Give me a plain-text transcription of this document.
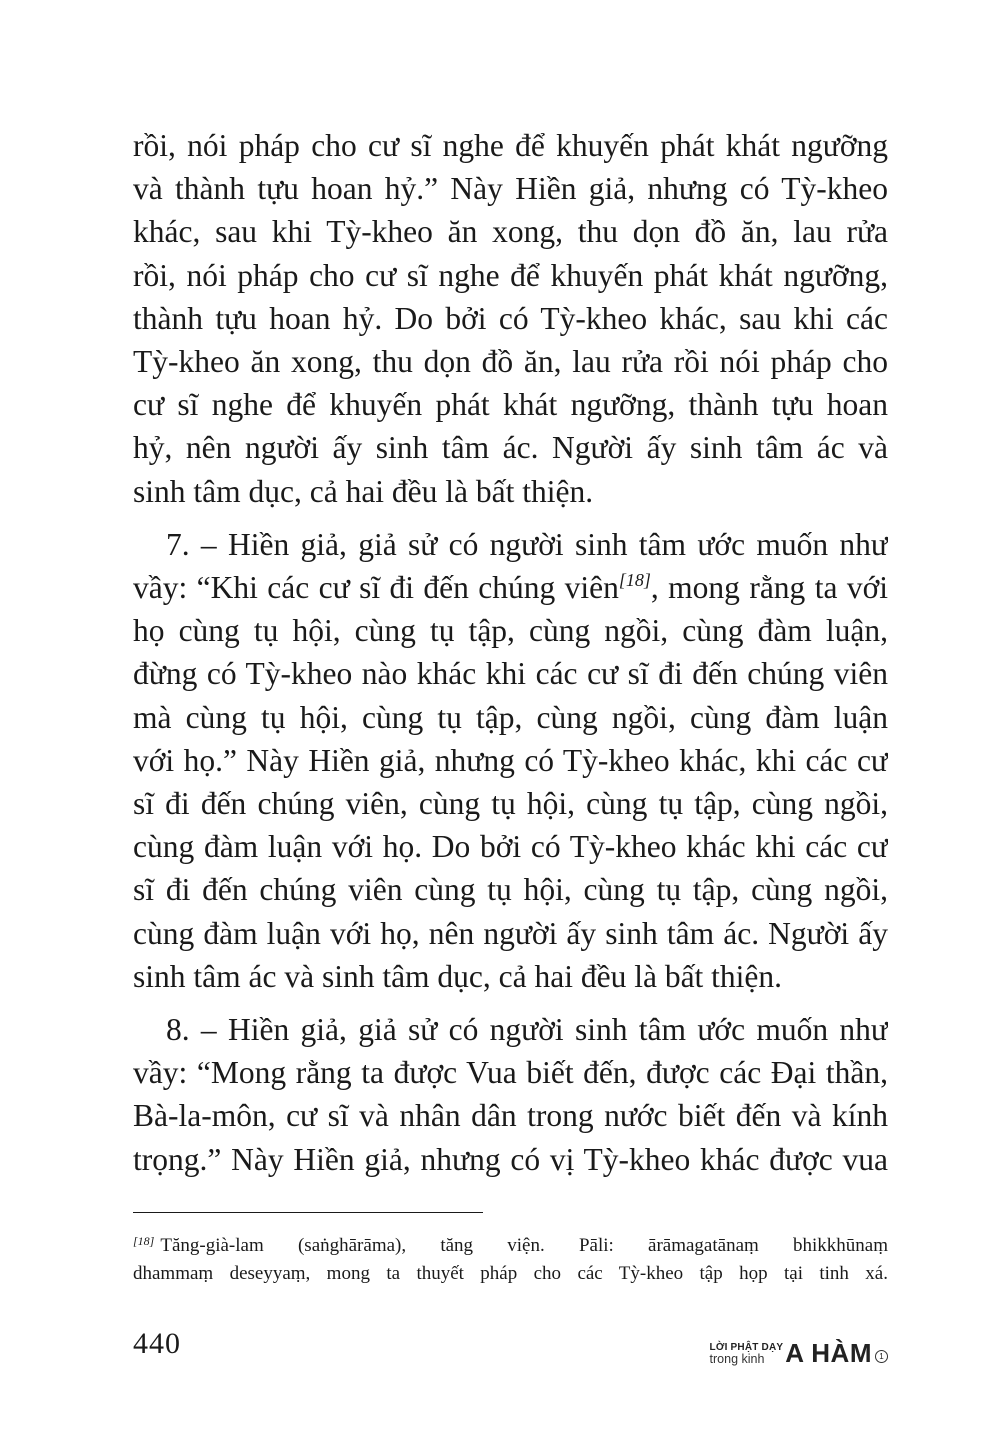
rồi, nói pháp cho cư sĩ nghe để khuyến phát khát ngưỡng
và thành tựu hoan hỷ.” Này Hiền giả, nhưng có Tỳ-kheo
khác, sau khi Tỳ-kheo ăn xong, thu dọn đồ ăn, lau rửa
rồi, nói pháp cho cư sĩ nghe để khuyến phát khát ngưỡng,
thành tựu hoan hỷ. Do bởi có Tỳ-kheo khác, sau khi các
Tỳ-kheo ăn xong, thu dọn đồ ăn, lau rửa rồi nói pháp cho
cư sĩ nghe để khuyến phát khát ngưỡng, thành tựu hoan
hỷ, nên người ấy sinh tâm ác. Người ấy sinh tâm ác và
sinh tâm dục, cả hai đều là bất thiện.
7. – Hiền giả, giả sử có người sinh tâm ước muốn như
vầy: “Khi các cư sĩ đi đến chúng viên[18], mong rằng ta với
họ cùng tụ hội, cùng tụ tập, cùng ngồi, cùng đàm luận,
đừng có Tỳ-kheo nào khác khi các cư sĩ đi đến chúng viên
mà cùng tụ hội, cùng tụ tập, cùng ngồi, cùng đàm luận
với họ.” Này Hiền giả, nhưng có Tỳ-kheo khác, khi các cư
sĩ đi đến chúng viên, cùng tụ hội, cùng tụ tập, cùng ngồi,
cùng đàm luận với họ. Do bởi có Tỳ-kheo khác khi các cư
sĩ đi đến chúng viên cùng tụ hội, cùng tụ tập, cùng ngồi,
cùng đàm luận với họ, nên người ấy sinh tâm ác. Người ấy
sinh tâm ác và sinh tâm dục, cả hai đều là bất thiện.
8. – Hiền giả, giả sử có người sinh tâm ước muốn như
vầy: “Mong rằng ta được Vua biết đến, được các Đại thần,
Bà-la-môn, cư sĩ và nhân dân trong nước biết đến và kính
trọng.” Này Hiền giả, nhưng có vị Tỳ-kheo khác được vua
[18] Tăng-già-lam (saṅghārāma), tăng viện. Pāli: ārāmagatānaṃ bhikkhūnaṃ
dhammaṃ deseyyaṃ, mong ta thuyết pháp cho các Tỳ-kheo tập họp tại tinh xá.
440	LỜI PHẬT DẠY
trong kinh A HÀM 1
